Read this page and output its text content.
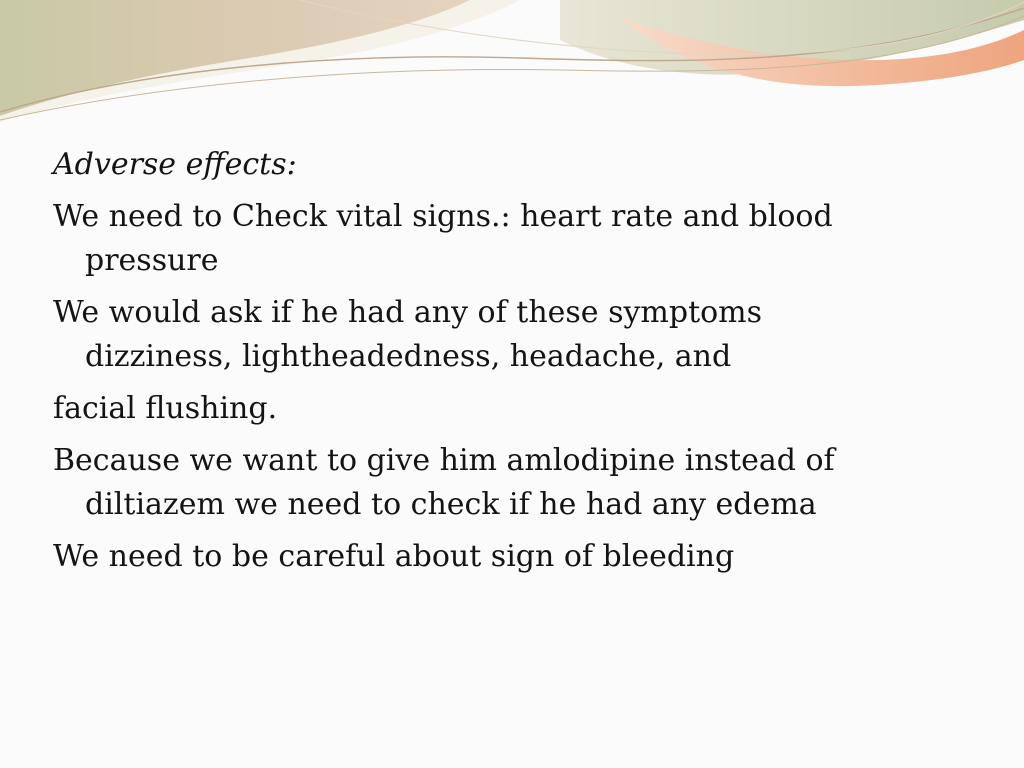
Adverse effects:

We need to Check vital signs.: heart rate and blood pressure

We would ask if he had any of these symptoms dizziness, lightheadedness, headache, and

facial flushing.

Because we want to give him amlodipine instead of diltiazem we need to check if he had any edema

We need to be careful about sign of bleeding
